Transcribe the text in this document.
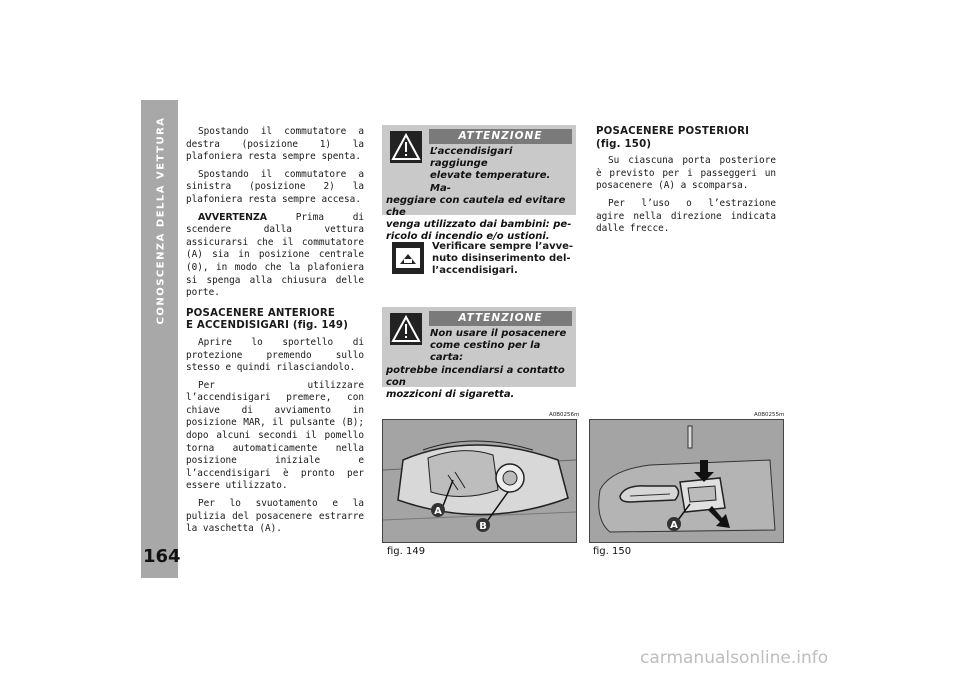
CONOSCENZA DELLA VETTURA
164

Spostando il commutatore a destra (posizione 1) la plafoniera resta sempre spenta.

Spostando il commutatore a sinistra (posizione 2) la plafoniera resta sempre accesa.

AVVERTENZA Prima di scendere dalla vettura assicurarsi che il commutatore (A) sia in posizione centrale (0), in modo che la plafoniera si spenga alla chiusura delle porte.

POSACENERE ANTERIORE
E ACCENDISIGARI (fig. 149)

Aprire lo sportello di protezione premendo sullo stesso e quindi rilasciandolo.

Per utilizzare l’accendisigari premere, con chiave di avviamento in posizione MAR, il pulsante (B); dopo alcuni secondi il pomello torna automaticamente nella posizione iniziale e l’accendisigari è pronto per essere utilizzato.

Per lo svuotamento e la pulizia del posacenere estrarre la vaschetta (A).

ATTENZIONE
L’accendisigari raggiunge
elevate temperature. Ma-
neggiare con cautela ed evitare che
venga utilizzato dai bambini: pe-
ricolo di incendio e/o ustioni.
Verificare sempre l’avve-
nuto disinserimento del-
l’accendisigari.
ATTENZIONE
Non usare il posacenere
come cestino per la carta:
potrebbe incendiarsi a contatto con
mozziconi di sigaretta.
POSACENERE POSTERIORI
(fig. 150)

Su ciascuna porta posteriore è previsto per i passeggeri un posacenere (A) a scomparsa.

Per l’uso o l’estrazione agire nella direzione indicata dalle frecce.

A0B0256m
A
B
fig. 149
A0B0255m
A
fig. 150
carmanualsonline.info
